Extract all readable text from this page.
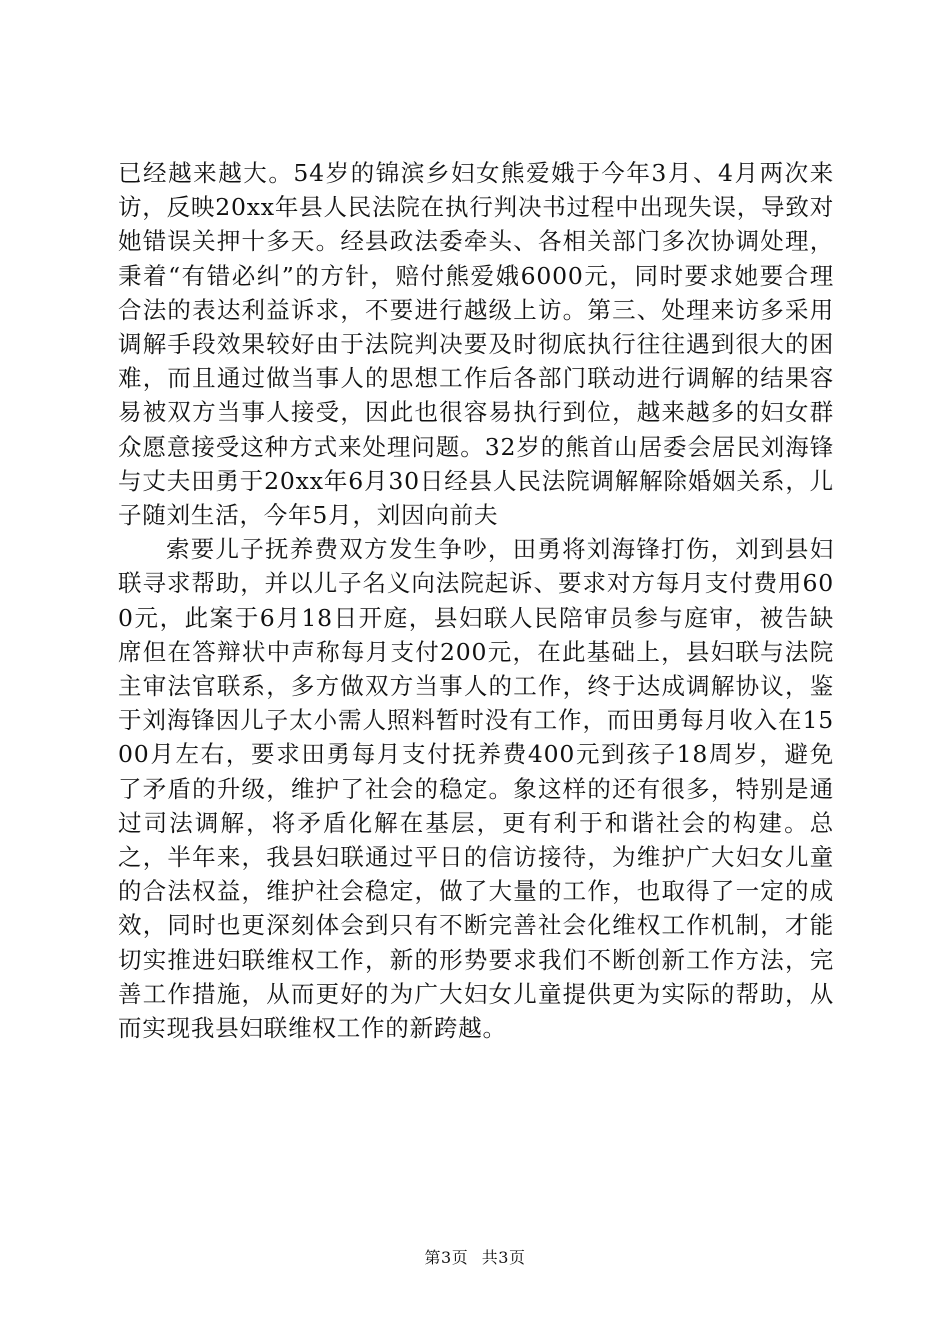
已经越来越大。54岁的锦滨乡妇女熊爱娥于今年3月、4月两次来访，反映20xx年县人民法院在执行判决书过程中出现失误，导致对她错误关押十多天。经县政法委牵头、各相关部门多次协调处理，秉着“有错必纠”的方针，赔付熊爱娥6000元，同时要求她要合理合法的表达利益诉求，不要进行越级上访。第三、处理来访多采用调解手段效果较好由于法院判决要及时彻底执行往往遇到很大的困难，而且通过做当事人的思想工作后各部门联动进行调解的结果容易被双方当事人接受，因此也很容易执行到位，越来越多的妇女群众愿意接受这种方式来处理问题。32岁的熊首山居委会居民刘海锋与丈夫田勇于20xx年6月30日经县人民法院调解解除婚姻关系，儿子随刘生活，今年5月，刘因向前夫

索要儿子抚养费双方发生争吵，田勇将刘海锋打伤，刘到县妇联寻求帮助，并以儿子名义向法院起诉、要求对方每月支付费用600元，此案于6月18日开庭，县妇联人民陪审员参与庭审，被告缺席但在答辩状中声称每月支付200元，在此基础上，县妇联与法院主审法官联系，多方做双方当事人的工作，终于达成调解协议，鉴于刘海锋因儿子太小需人照料暂时没有工作，而田勇每月收入在1500月左右，要求田勇每月支付抚养费400元到孩子18周岁，避免了矛盾的升级，维护了社会的稳定。象这样的还有很多，特别是通过司法调解，将矛盾化解在基层，更有利于和谐社会的构建。总之，半年来，我县妇联通过平日的信访接待，为维护广大妇女儿童的合法权益，维护社会稳定，做了大量的工作，也取得了一定的成效，同时也更深刻体会到只有不断完善社会化维权工作机制，才能切实推进妇联维权工作，新的形势要求我们不断创新工作方法，完善工作措施，从而更好的为广大妇女儿童提供更为实际的帮助，从而实现我县妇联维权工作的新跨越。

第3页 共3页
